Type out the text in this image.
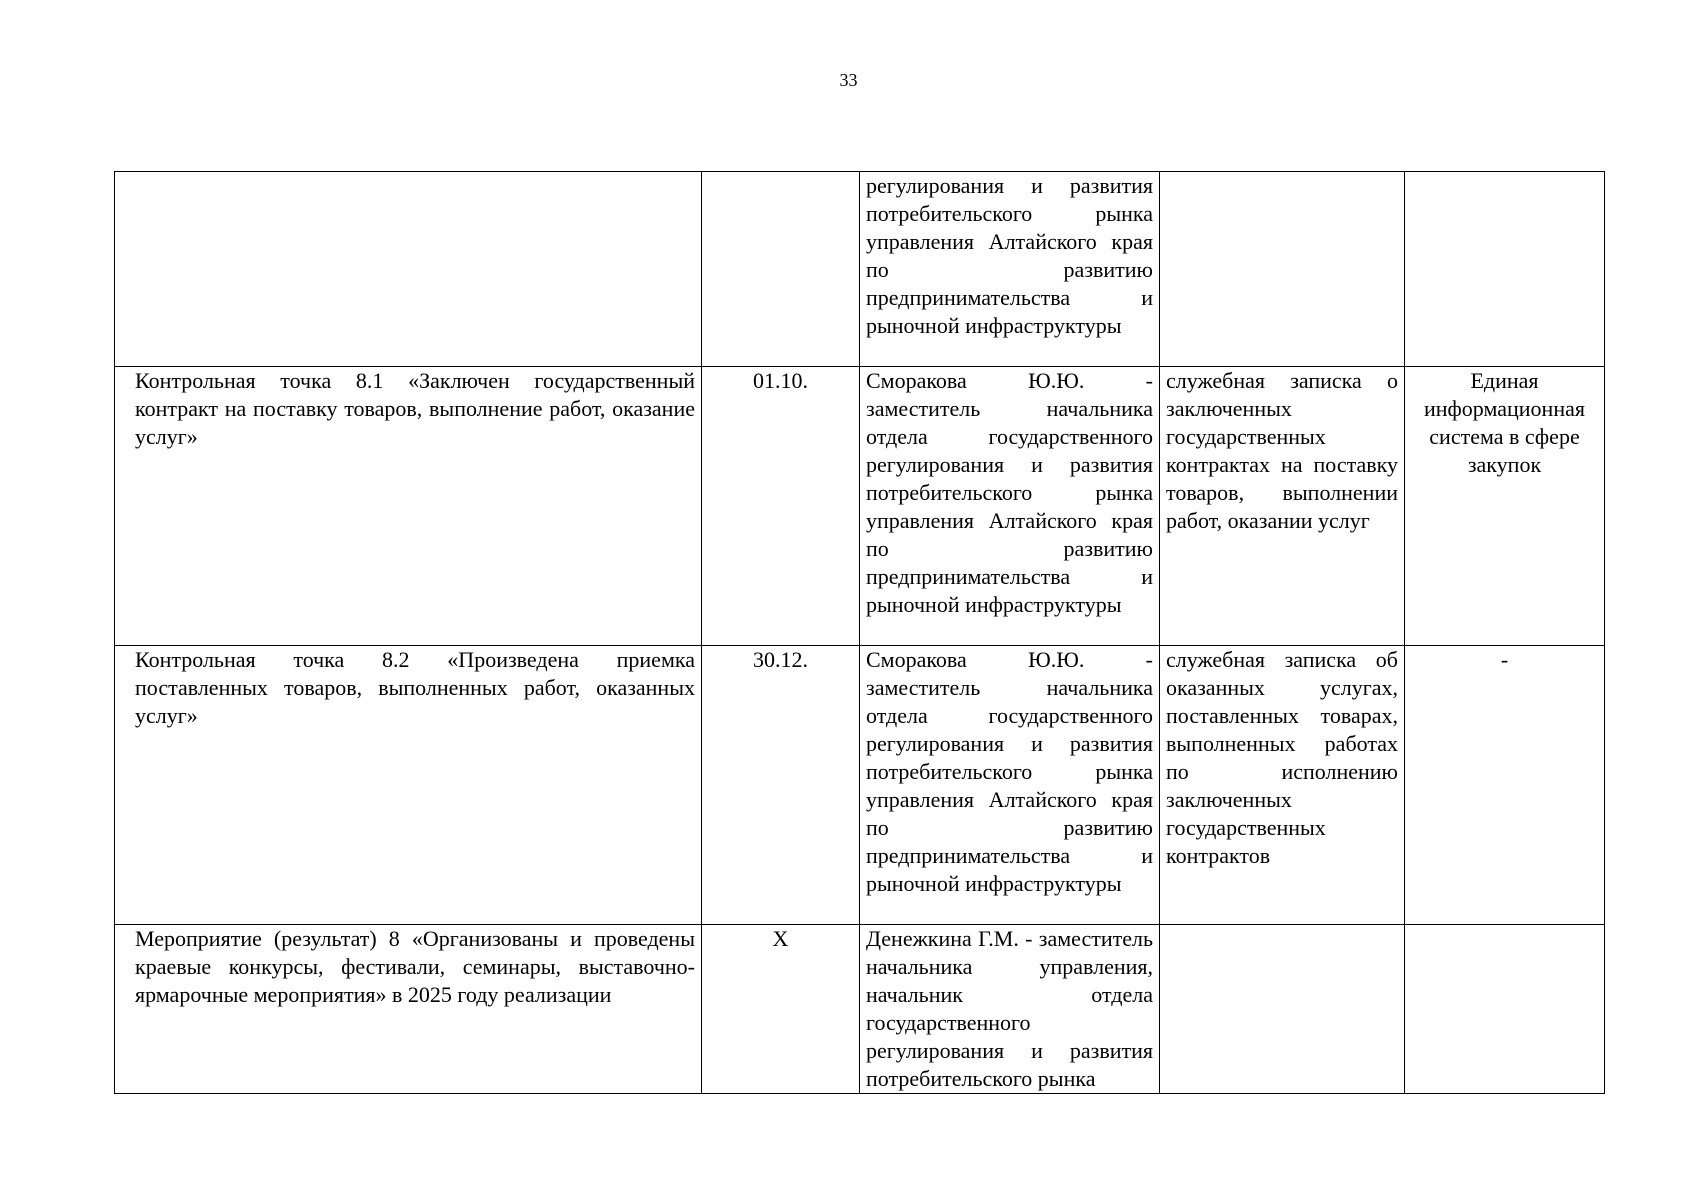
33

		регулирования и развития потребительского рынка управления Алтайского края по развитию предпринимательства и рыночной инфраструктуры		

Контрольная точка 8.1 «Заключен государственный контракт на поставку товаров, выполнение работ, оказание услуг»	01.10.	Сморакова Ю.Ю. - заместитель начальника отдела государственного регулирования и развития потребительского рынка управления Алтайского края по развитию предпринимательства и рыночной инфраструктуры	служебная записка о заключенных государственных контрактах на поставку товаров, выполнении работ, оказании услуг	Единая информационная система в сфере закупок

Контрольная точка 8.2 «Произведена приемка поставленных товаров, выполненных работ, оказанных услуг»	30.12.	Сморакова Ю.Ю. - заместитель начальника отдела государственного регулирования и развития потребительского рынка управления Алтайского края по развитию предпринимательства и рыночной инфраструктуры	служебная записка об оказанных услугах, поставленных товарах, выполненных работах по исполнению заключенных государственных контрактов	-

Мероприятие (результат) 8 «Организованы и проведены краевые конкурсы, фестивали, семинары, выставочно-ярмарочные мероприятия» в 2025 году реализации	X	Денежкина Г.М. - заместитель начальника управления, начальник отдела государственного регулирования и развития потребительского рынка		
